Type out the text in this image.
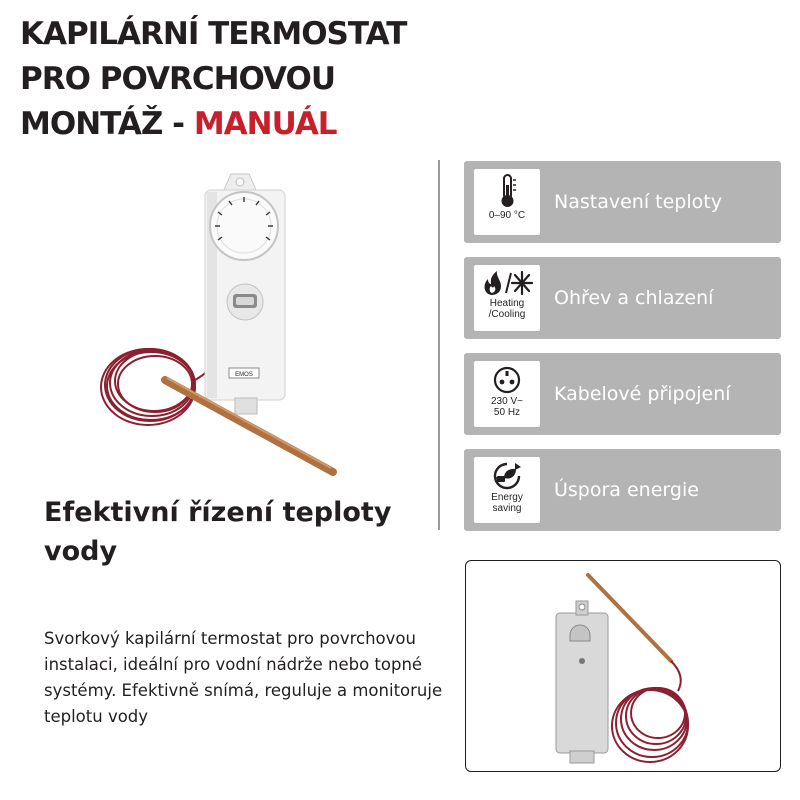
KAPILÁRNÍ TERMOSTAT
PRO POVRCHOVOU
MONTÁŽ - MANUÁL
EMOS
0–90 °C
Nastavení teploty
Heating
/Cooling
Ohřev a chlazení
230 V~
50 Hz
Kabelové připojení
Energy
saving
Úspora energie
Efektivní řízení teploty vody

Svorkový kapilární termostat pro povrchovou instalaci, ideální pro vodní nádrže nebo topné systémy. Efektivně snímá, reguluje a monitoruje teplotu vody
